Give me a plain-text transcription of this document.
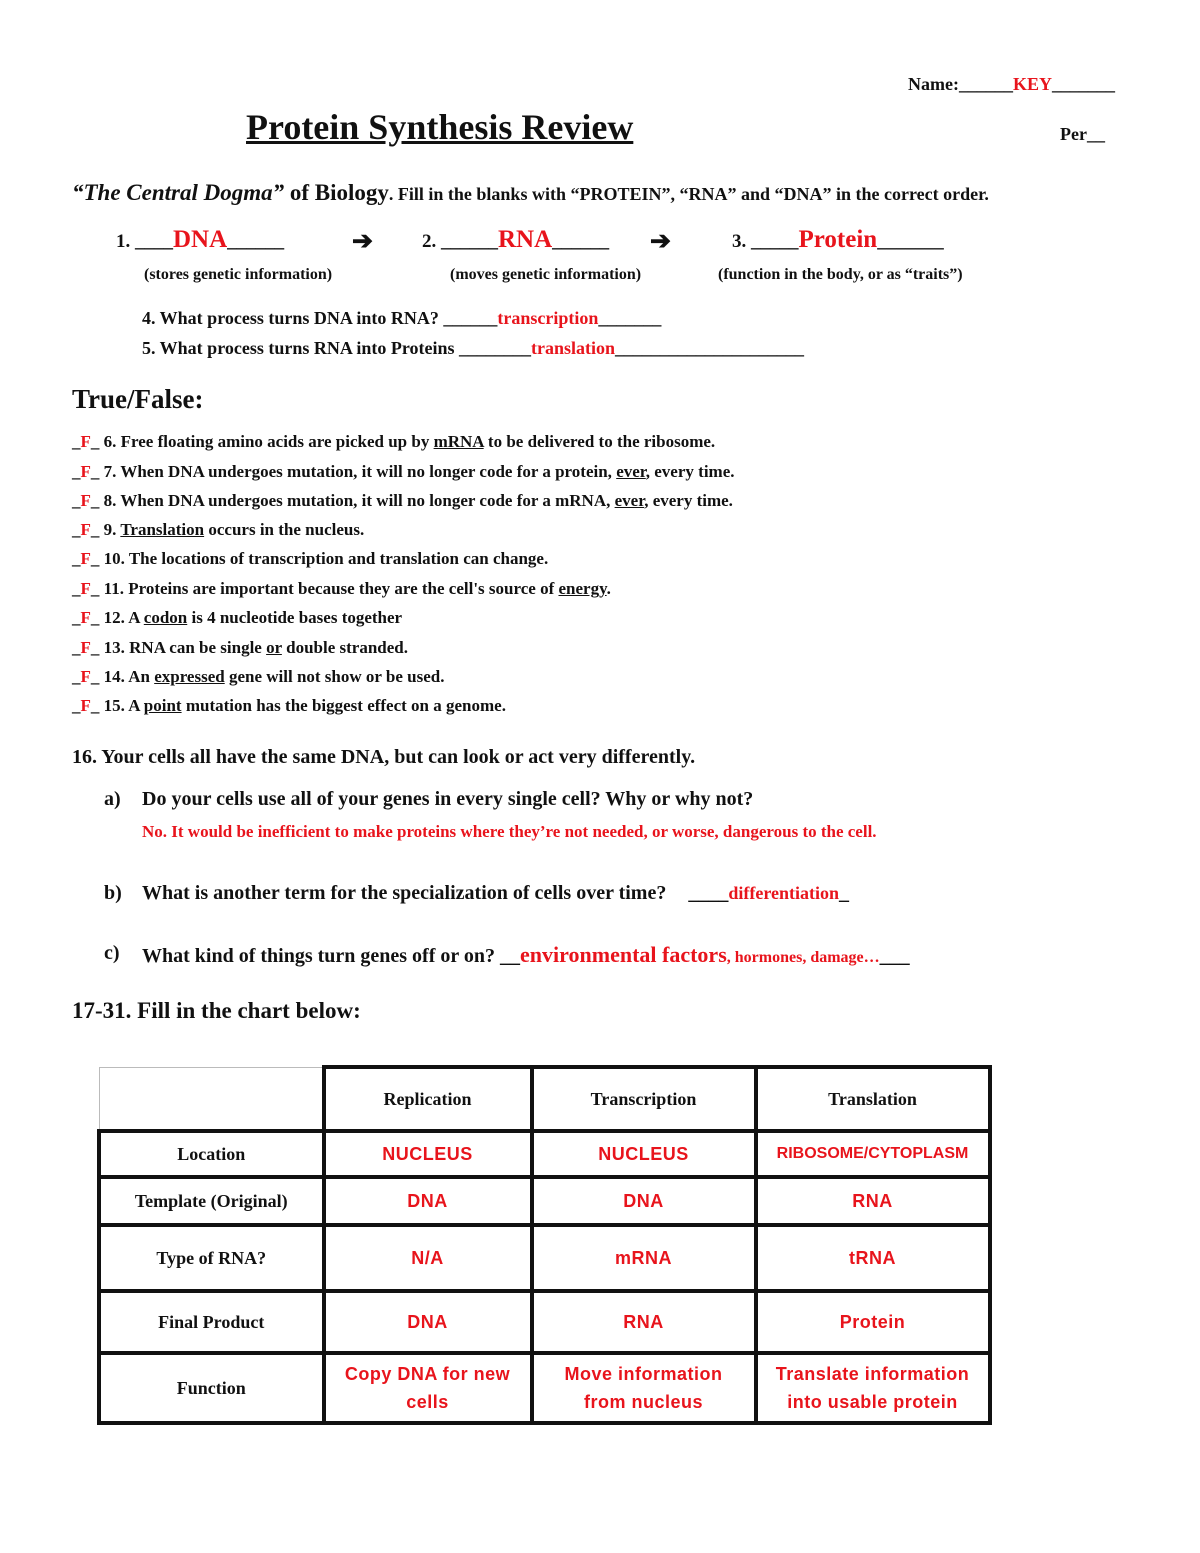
Name:______KEY_______
Protein Synthesis Review	Per__
“The Central Dogma” of Biology. Fill in the blanks with “PROTEIN”, “RNA” and “DNA” in the correct order.
1. ____DNA______	➔	2. ______RNA______ ➔	3. _____Protein_______
(stores genetic information)	(moves genetic information)	(function in the body, or as “traits”)
4. What process turns DNA into RNA? ______transcription_______
5. What process turns RNA into Proteins ________translation_____________________
True/False:
_F_ 6. Free floating amino acids are picked up by mRNA to be delivered to the ribosome.
_F_ 7. When DNA undergoes mutation, it will no longer code for a protein, ever, every time.
_F_ 8. When DNA undergoes mutation, it will no longer code for a mRNA, ever, every time.
_F_ 9. Translation occurs in the nucleus.
_F_ 10. The locations of transcription and translation can change.
_F_ 11. Proteins are important because they are the cell's source of energy.
_F_ 12. A codon is 4 nucleotide bases together
_F_ 13. RNA can be single or double stranded.
_F_ 14. An expressed gene will not show or be used.
_F_ 15. A point mutation has the biggest effect on a genome.
16. Your cells all have the same DNA, but can look or act very differently.
a) Do your cells use all of your genes in every single cell? Why or why not?
No. It would be inefficient to make proteins where they’re not needed, or worse, dangerous to the cell.
b) What is another term for the specialization of cells over time? ____differentiation_
c) What kind of things turn genes off or on? __environmental factors, hormones, damage…___
17-31. Fill in the chart below:
	Replication	Transcription	Translation
Location	NUCLEUS	NUCLEUS	RIBOSOME/CYTOPLASM
Template (Original)	DNA	DNA	RNA
Type of RNA?	N/A	mRNA	tRNA
Final Product	DNA	RNA	Protein
Function	Copy DNA for new cells	Move information from nucleus	Translate information into usable protein
